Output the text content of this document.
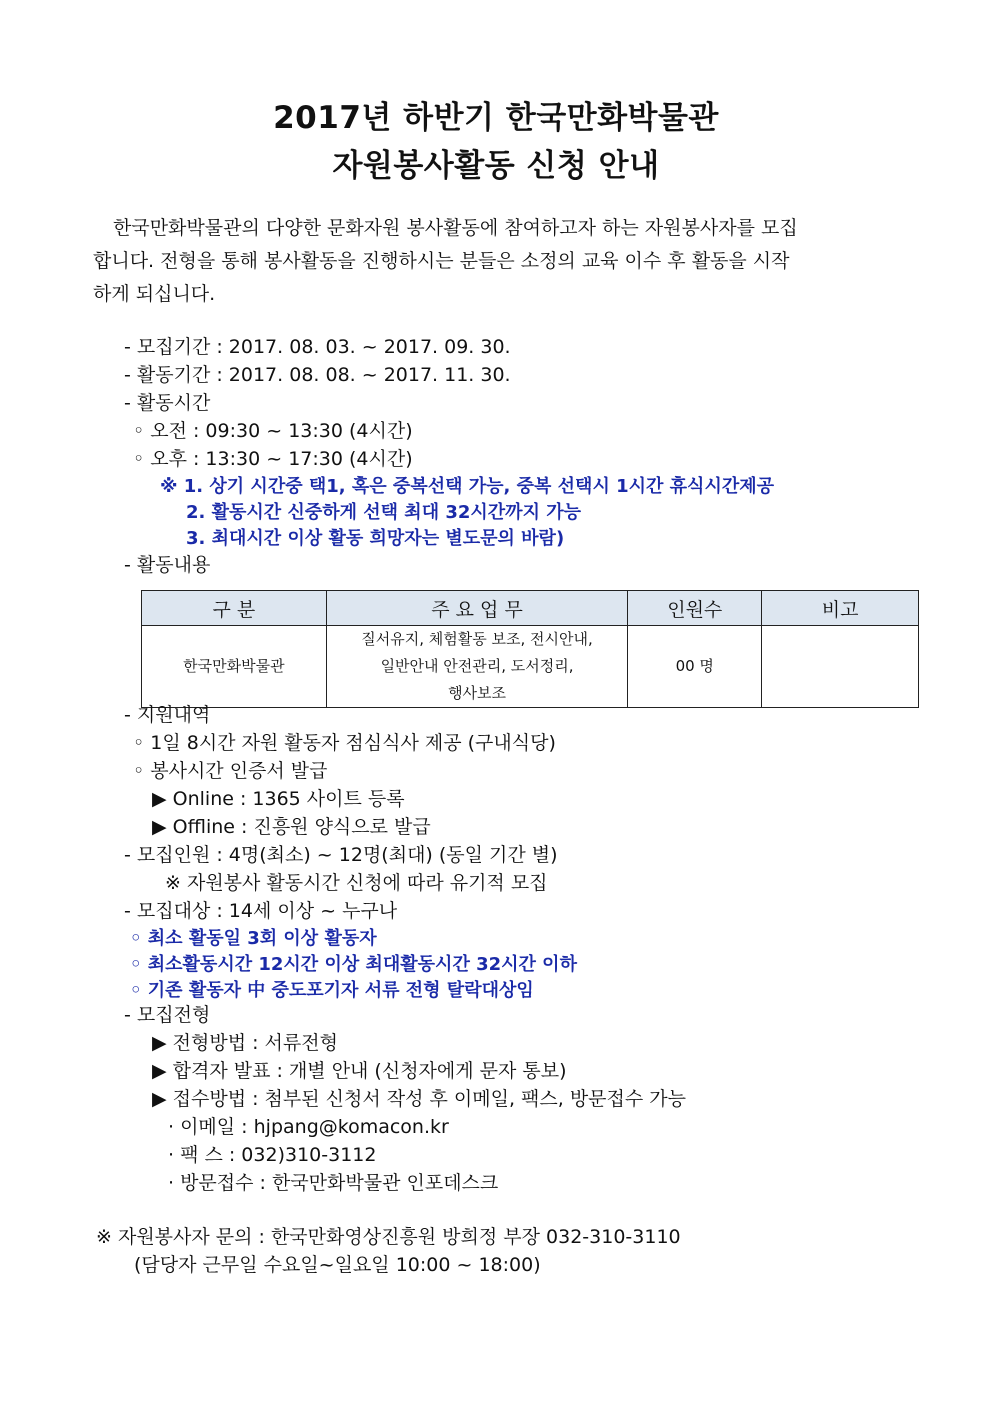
2017년 하반기 한국만화박물관
자원봉사활동 신청 안내
한국만화박물관의 다양한 문화자원 봉사활동에 참여하고자 하는 자원봉사자를 모집
합니다. 전형을 통해 봉사활동을 진행하시는 분들은 소정의 교육 이수 후 활동을 시작
하게 되십니다.
- 모집기간 : 2017. 08. 03. ~ 2017. 09. 30.
- 활동기간 : 2017. 08. 08. ~ 2017. 11. 30.
- 활동시간
◦ 오전 : 09:30 ~ 13:30 (4시간)
◦ 오후 : 13:30 ~ 17:30 (4시간)
※ 1. 상기 시간중 택1, 혹은 중복선택 가능, 중복 선택시 1시간 휴식시간제공
2. 활동시간 신중하게 선택 최대 32시간까지 가능
3. 최대시간 이상 활동 희망자는 별도문의 바람)
- 활동내용
구 분	주 요 업 무	인원수	비고
한국만화박물관	질서유지, 체험활동 보조, 전시안내,
일반안내 안전관리, 도서정리,
행사보조	00 명	
- 지원내역
◦ 1일 8시간 자원 활동자 점심식사 제공 (구내식당)
◦ 봉사시간 인증서 발급
▶ Online : 1365 사이트 등록
▶ Offline : 진흥원 양식으로 발급
- 모집인원 : 4명(최소) ~ 12명(최대) (동일 기간 별)
※ 자원봉사 활동시간 신청에 따라 유기적 모집
- 모집대상 : 14세 이상 ~ 누구나
◦ 최소 활동일 3회 이상 활동자
◦ 최소활동시간 12시간 이상 최대활동시간 32시간 이하
◦ 기존 활동자 中 중도포기자 서류 전형 탈락대상임
- 모집전형
▶ 전형방법 : 서류전형
▶ 합격자 발표 : 개별 안내 (신청자에게 문자 통보)
▶ 접수방법 : 첨부된 신청서 작성 후 이메일, 팩스, 방문접수 가능
· 이메일 : hjpang@komacon.kr
· 팩 스 : 032)310-3112
· 방문접수 : 한국만화박물관 인포데스크
※ 자원봉사자 문의 : 한국만화영상진흥원 방희정 부장 032-310-3110
(담당자 근무일 수요일~일요일 10:00 ~ 18:00)
